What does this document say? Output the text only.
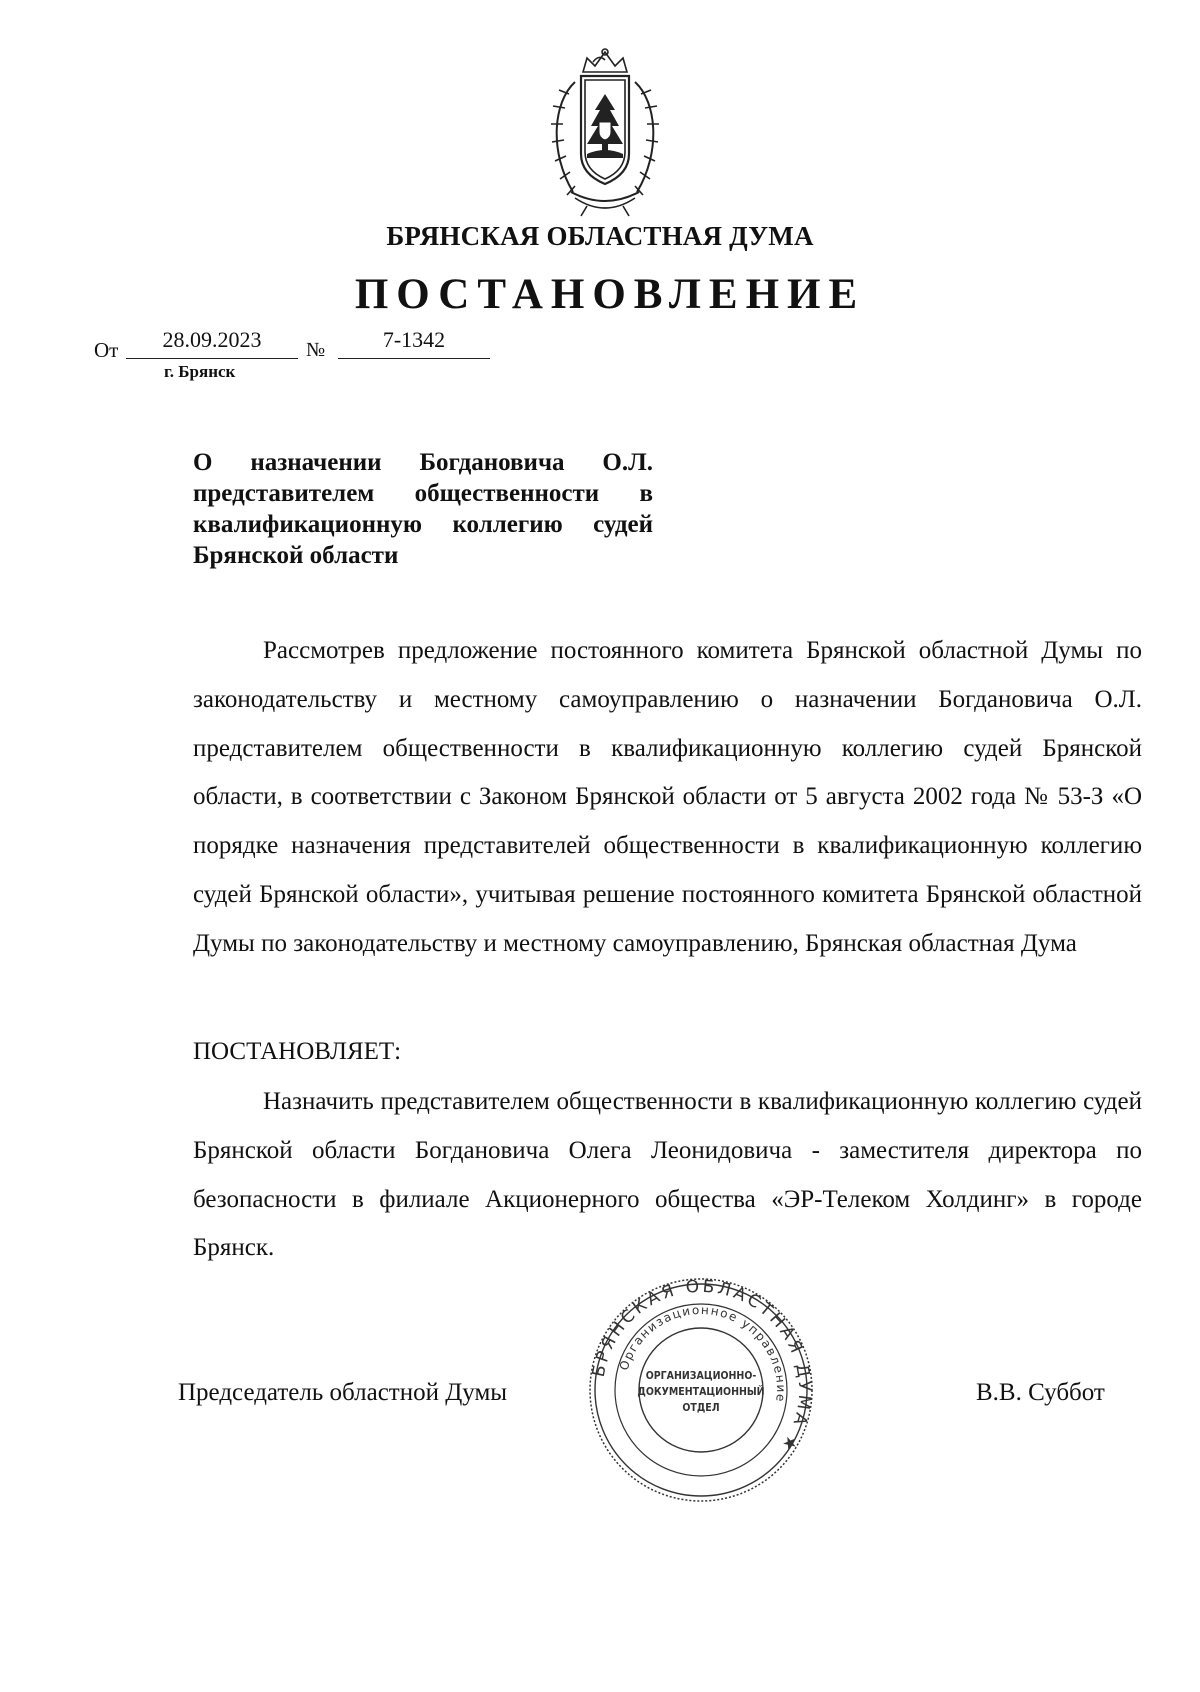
БРЯНСКАЯ ОБЛАСТНАЯ ДУМА
ПОСТАНОВЛЕНИЕ
От	28.09.2023	№	7-1342
г. Брянск

О назначении Богдановича О.Л. представителем общественности в квалификационную коллегию судей Брянской области

Рассмотрев предложение постоянного комитета Брянской областной Думы по законодательству и местному самоуправлению о назначении Богдановича О.Л. представителем общественности в квалификационную коллегию судей Брянской области, в соответствии с Законом Брянской области от 5 августа 2002 года № 53-З «О порядке назначения представителей общественности в квалификационную коллегию судей Брянской области», учитывая решение постоянного комитета Брянской областной Думы по законодательству и местному самоуправлению, Брянская областная Дума

ПОСТАНОВЛЯЕТ:

Назначить представителем общественности в квалификационную коллегию судей Брянской области Богдановича Олега Леонидовича - заместителя директора по безопасности в филиале Акционерного общества «ЭР-Телеком Холдинг» в городе Брянск.

Председатель областной Думы	В.В. Суббот
БРЯНСКАЯ ОБЛАСТНАЯ ДУМА ★
Организационное управление
ОРГАНИЗАЦИОННО-
ДОКУМЕНТАЦИОННЫЙ
ОТДЕЛ
